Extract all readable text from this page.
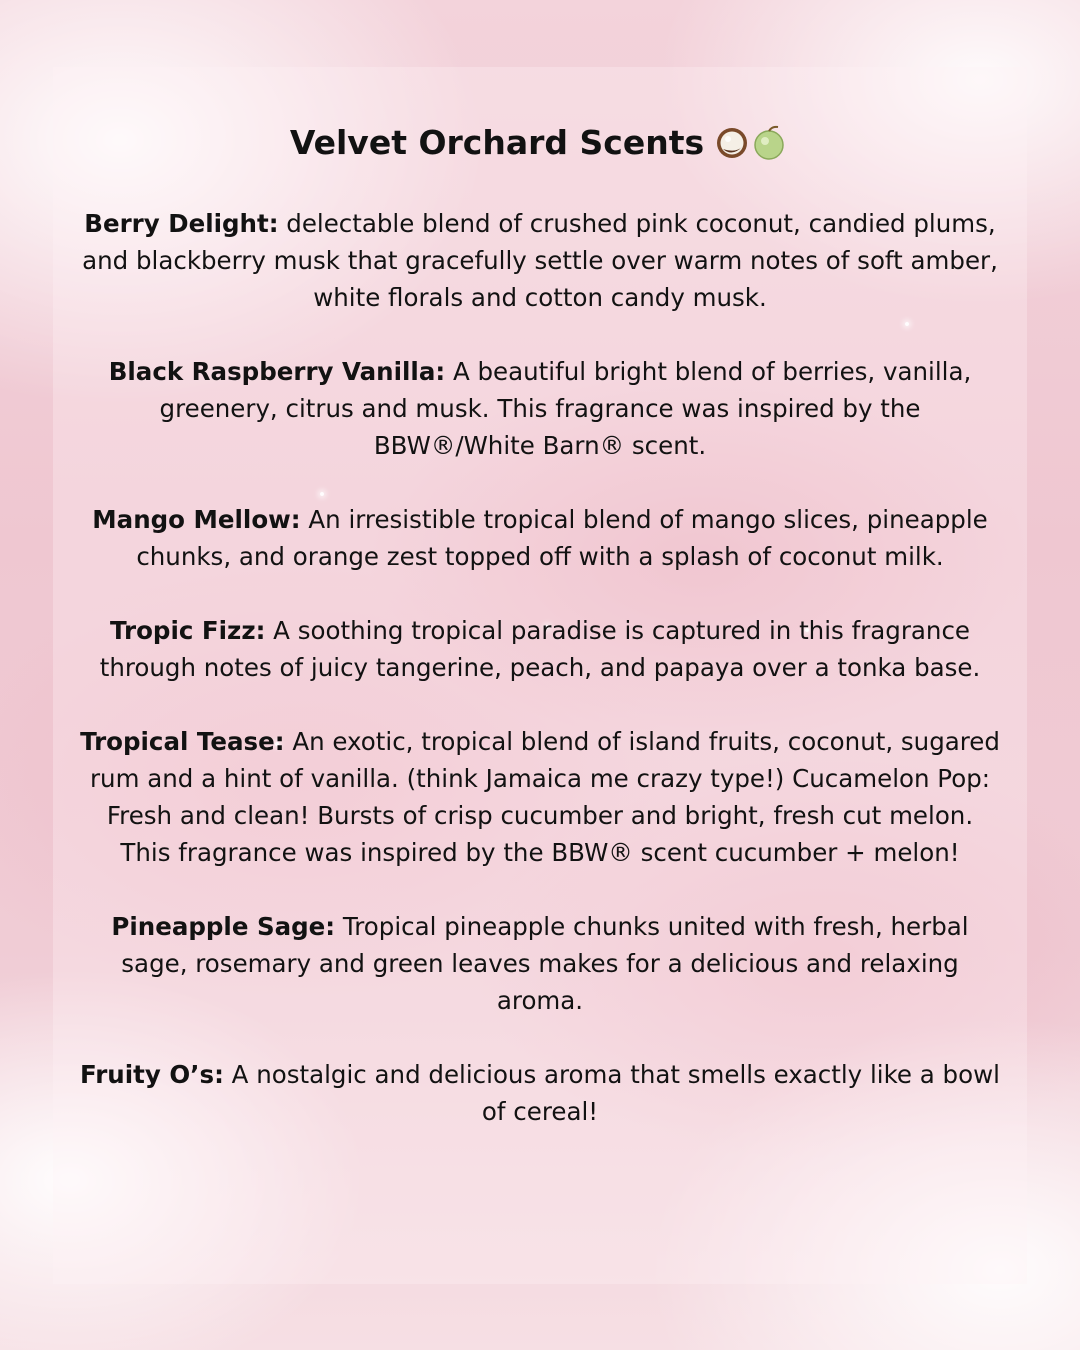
Velvet Orchard Scents

Berry Delight: delectable blend of crushed pink coconut, candied plums, and blackberry musk that gracefully settle over warm notes of soft amber, white florals and cotton candy musk.

Black Raspberry Vanilla: A beautiful bright blend of berries, vanilla, greenery, citrus and musk. This fragrance was inspired by the BBW®/White Barn® scent.

Mango Mellow: An irresistible tropical blend of mango slices, pineapple chunks, and orange zest topped off with a splash of coconut milk.

Tropic Fizz: A soothing tropical paradise is captured in this fragrance through notes of juicy tangerine, peach, and papaya over a tonka base.

Tropical Tease: An exotic, tropical blend of island fruits, coconut, sugared rum and a hint of vanilla. (think Jamaica me crazy type!) Cucamelon Pop: Fresh and clean! Bursts of crisp cucumber and bright, fresh cut melon. This fragrance was inspired by the BBW® scent cucumber + melon!

Pineapple Sage: Tropical pineapple chunks united with fresh, herbal sage, rosemary and green leaves makes for a delicious and relaxing aroma.

Fruity O’s: A nostalgic and delicious aroma that smells exactly like a bowl of cereal!
